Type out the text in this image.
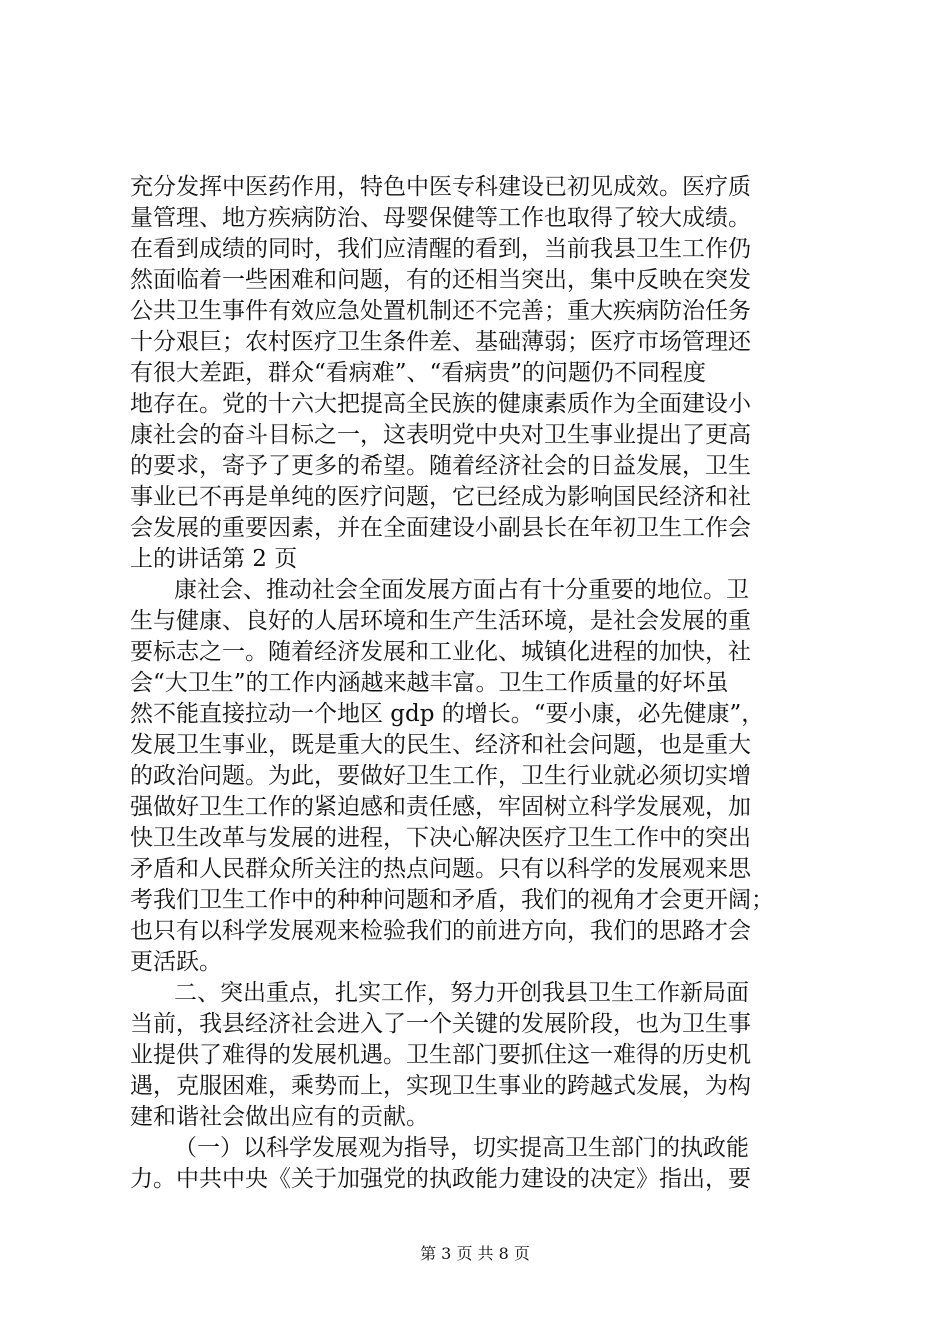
充分发挥中医药作用，特色中医专科建设已初见成效。医疗质
量管理、地方疾病防治、母婴保健等工作也取得了较大成绩。
在看到成绩的同时，我们应清醒的看到，当前我县卫生工作仍
然面临着一些困难和问题，有的还相当突出，集中反映在突发
公共卫生事件有效应急处置机制还不完善；重大疾病防治任务
十分艰巨；农村医疗卫生条件差、基础薄弱；医疗市场管理还
有很大差距，群众“看病难”、“看病贵”的问题仍不同程度
地存在。党的十六大把提高全民族的健康素质作为全面建设小
康社会的奋斗目标之一，这表明党中央对卫生事业提出了更高
的要求，寄予了更多的希望。随着经济社会的日益发展，卫生
事业已不再是单纯的医疗问题，它已经成为影响国民经济和社
会发展的重要因素，并在全面建设小副县长在年初卫生工作会
上的讲话第 2 页
康社会、推动社会全面发展方面占有十分重要的地位。卫
生与健康、良好的人居环境和生产生活环境，是社会发展的重
要标志之一。随着经济发展和工业化、城镇化进程的加快，社
会“大卫生”的工作内涵越来越丰富。卫生工作质量的好坏虽
然不能直接拉动一个地区 gdp 的增长。“要小康，必先健康”，
发展卫生事业，既是重大的民生、经济和社会问题，也是重大
的政治问题。为此，要做好卫生工作，卫生行业就必须切实增
强做好卫生工作的紧迫感和责任感，牢固树立科学发展观，加
快卫生改革与发展的进程，下决心解决医疗卫生工作中的突出
矛盾和人民群众所关注的热点问题。只有以科学的发展观来思
考我们卫生工作中的种种问题和矛盾，我们的视角才会更开阔；
也只有以科学发展观来检验我们的前进方向，我们的思路才会
更活跃。
二、突出重点，扎实工作，努力开创我县卫生工作新局面
当前，我县经济社会进入了一个关键的发展阶段，也为卫生事
业提供了难得的发展机遇。卫生部门要抓住这一难得的历史机
遇，克服困难，乘势而上，实现卫生事业的跨越式发展，为构
建和谐社会做出应有的贡献。
（一）以科学发展观为指导，切实提高卫生部门的执政能
力。中共中央《关于加强党的执政能力建设的决定》指出，要
第 3 页 共 8 页
